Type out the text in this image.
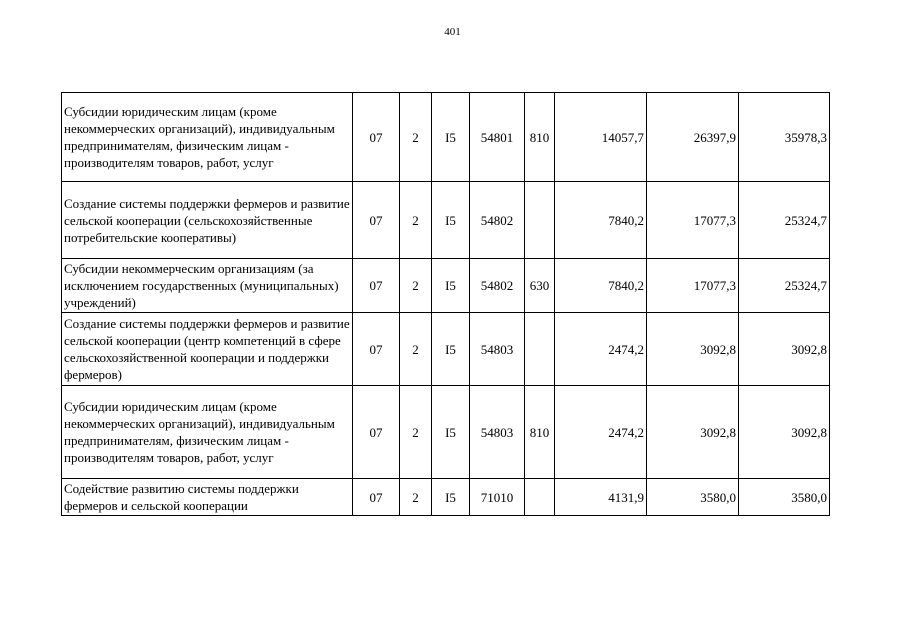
401
Субсидии юридическим лицам (кроме некоммерческих организаций), индивидуальным предпринимателям, физическим лицам - производителям товаров, работ, услуг	07	2	I5	54801	810	14057,7	26397,9	35978,3
Создание системы поддержки фермеров и развитие сельской кооперации (сельскохозяйственные потребительские кооперативы)	07	2	I5	54802		7840,2	17077,3	25324,7
Субсидии некоммерческим организациям (за исключением государственных (муниципальных) учреждений)	07	2	I5	54802	630	7840,2	17077,3	25324,7
Создание системы поддержки фермеров и развитие сельской кооперации (центр компетенций в сфере сельскохозяйственной кооперации и поддержки фермеров)	07	2	I5	54803		2474,2	3092,8	3092,8
Субсидии юридическим лицам (кроме некоммерческих организаций), индивидуальным предпринимателям, физическим лицам - производителям товаров, работ, услуг	07	2	I5	54803	810	2474,2	3092,8	3092,8
Содействие развитию системы поддержки фермеров и сельской кооперации	07	2	I5	71010		4131,9	3580,0	3580,0
